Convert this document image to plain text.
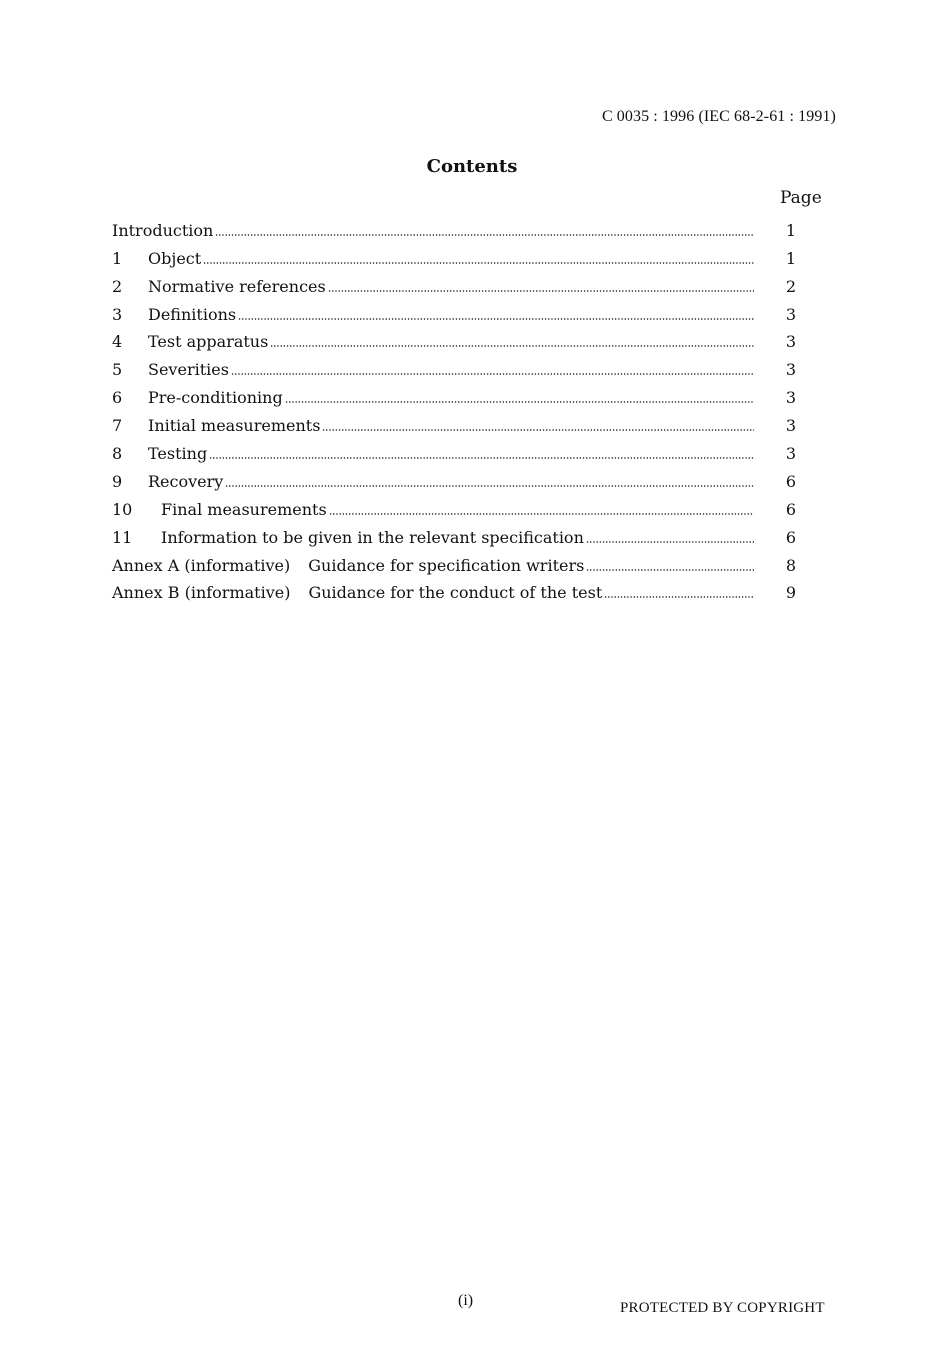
C 0035 : 1996 (IEC 68-2-61 : 1991)
Contents
Page
Introduction	1
1	Object	1
2	Normative references	2
3	Definitions	3
4	Test apparatus	3
5	Severities	3
6	Pre-conditioning	3
7	Initial measurements	3
8	Testing	3
9	Recovery	6
10	Final measurements	6
11	Information to be given in the relevant specification	6
Annex A (informative) Guidance for specification writers	8
Annex B (informative) Guidance for the conduct of the test	9
(i)	PROTECTED BY COPYRIGHT
